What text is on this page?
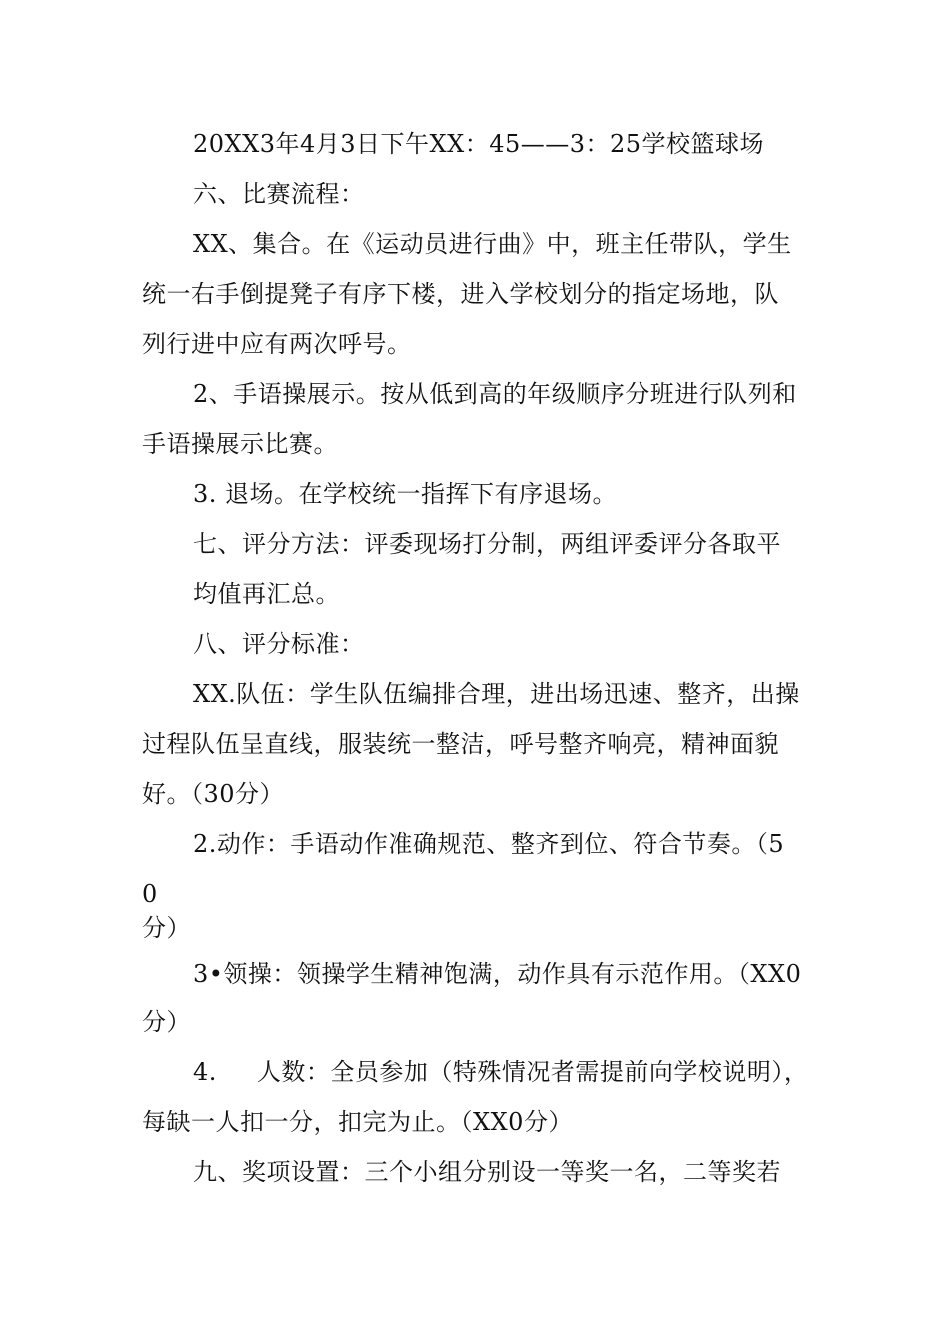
20XX3年4月3日下午XX：45——3：25学校篮球场
六、比赛流程：
XX、集合。在《运动员进行曲》中，班主任带队，学生
统一右手倒提凳子有序下楼，进入学校划分的指定场地，队
列行进中应有两次呼号。
2、手语操展示。按从低到高的年级顺序分班进行队列和
手语操展示比赛。
3. 退场。在学校统一指挥下有序退场。
七、评分方法：评委现场打分制，两组评委评分各取平
均值再汇总。
八、评分标准：
XX.队伍：学生队伍编排合理，进出场迅速、整齐，出操
过程队伍呈直线，服装统一整洁，呼号整齐响亮，精神面貌
好。（30分）
2.动作：手语动作准确规范、整齐到位、符合节奏。（5
0
分）
3•领操：领操学生精神饱满，动作具有示范作用。（XX0
分）
4. 人数：全员参加（特殊情况者需提前向学校说明），
每缺一人扣一分，扣完为止。（XX0分）
九、奖项设置：三个小组分别设一等奖一名，二等奖若
